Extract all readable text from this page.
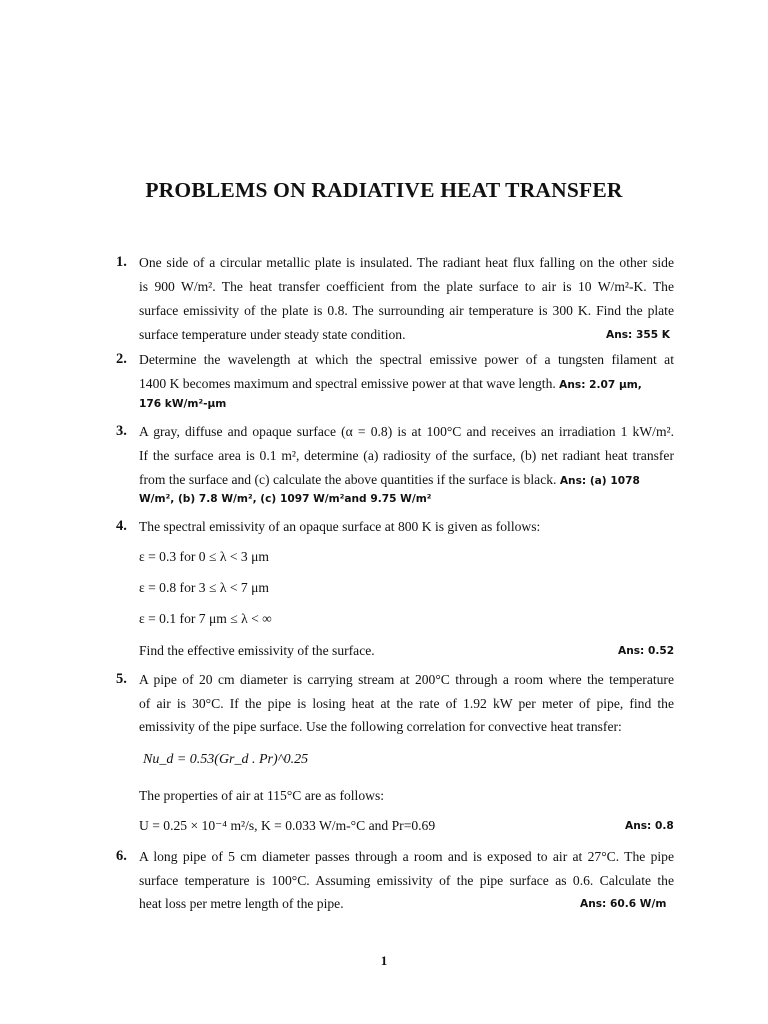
PROBLEMS ON RADIATIVE HEAT TRANSFER
1. One side of a circular metallic plate is insulated. The radiant heat flux falling on the other side
is 900 W/m². The heat transfer coefficient from the plate surface to air is 10 W/m²-K. The
surface emissivity of the plate is 0.8. The surrounding air temperature is 300 K. Find the plate
surface temperature under steady state condition.	Ans: 355 K
2. Determine the wavelength at which the spectral emissive power of a tungsten filament at
1400 K becomes maximum and spectral emissive power at that wave length. Ans: 2.07 μm,
176 kW/m²-μm
3. A gray, diffuse and opaque surface (α = 0.8) is at 100°C and receives an irradiation 1 kW/m².
If the surface area is 0.1 m², determine (a) radiosity of the surface, (b) net radiant heat transfer
from the surface and (c) calculate the above quantities if the surface is black. Ans: (a) 1078
W/m², (b) 7.8 W/m², (c) 1097 W/m²and 9.75 W/m²
4. The spectral emissivity of an opaque surface at 800 K is given as follows:
ε = 0.3 for 0 ≤ λ < 3 μm
ε = 0.8 for 3 ≤ λ < 7 μm
ε = 0.1 for 7 μm ≤ λ < ∞
Find the effective emissivity of the surface.	Ans: 0.52
5. A pipe of 20 cm diameter is carrying stream at 200°C through a room where the temperature
of air is 30°C. If the pipe is losing heat at the rate of 1.92 kW per meter of pipe, find the
emissivity of the pipe surface. Use the following correlation for convective heat transfer:
Nu_d = 0.53(Gr_d . Pr)^0.25
The properties of air at 115°C are as follows:
U = 0.25 × 10⁻⁴ m²/s, K = 0.033 W/m-°C and Pr=0.69	Ans: 0.8
6. A long pipe of 5 cm diameter passes through a room and is exposed to air at 27°C. The pipe
surface temperature is 100°C. Assuming emissivity of the pipe surface as 0.6. Calculate the
heat loss per metre length of the pipe.	Ans: 60.6 W/m
1
